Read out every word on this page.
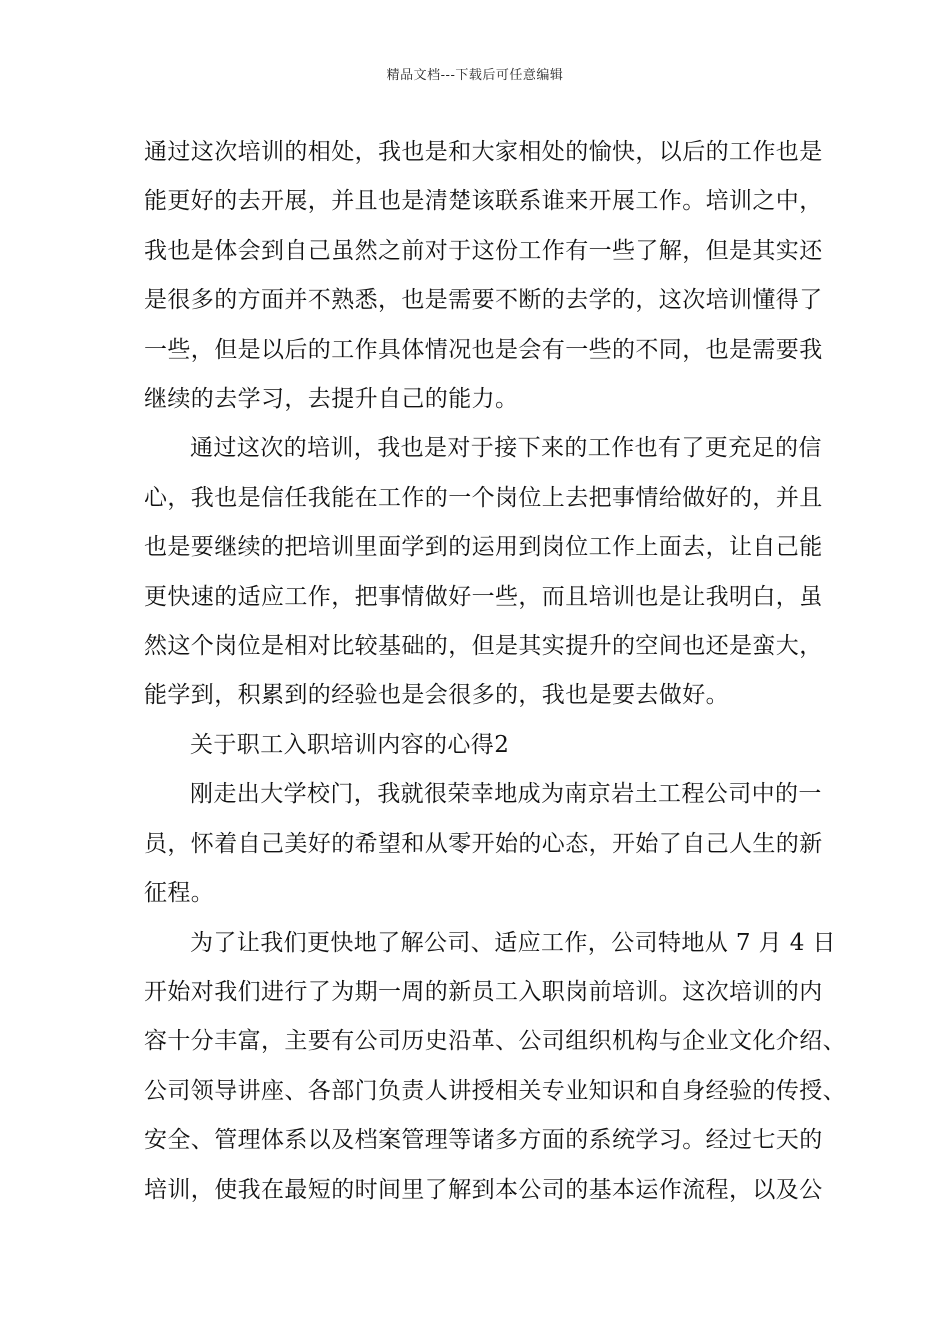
精品文档---下载后可任意编辑

通过这次培训的相处，我也是和大家相处的愉快，以后的工作也是
能更好的去开展，并且也是清楚该联系谁来开展工作。培训之中，
我也是体会到自己虽然之前对于这份工作有一些了解，但是其实还
是很多的方面并不熟悉，也是需要不断的去学的，这次培训懂得了
一些，但是以后的工作具体情况也是会有一些的不同，也是需要我
继续的去学习，去提升自己的能力。

通过这次的培训，我也是对于接下来的工作也有了更充足的信
心，我也是信任我能在工作的一个岗位上去把事情给做好的，并且
也是要继续的把培训里面学到的运用到岗位工作上面去，让自己能
更快速的适应工作，把事情做好一些，而且培训也是让我明白，虽
然这个岗位是相对比较基础的，但是其实提升的空间也还是蛮大，
能学到，积累到的经验也是会很多的，我也是要去做好。

关于职工入职培训内容的心得2

刚走出大学校门，我就很荣幸地成为南京岩土工程公司中的一
员，怀着自己美好的希望和从零开始的心态，开始了自己人生的新
征程。

为了让我们更快地了解公司、适应工作，公司特地从 7 月 4 日
开始对我们进行了为期一周的新员工入职岗前培训。这次培训的内
容十分丰富，主要有公司历史沿革、公司组织机构与企业文化介绍、
公司领导讲座、各部门负责人讲授相关专业知识和自身经验的传授、
安全、管理体系以及档案管理等诸多方面的系统学习。经过七天的
培训，使我在最短的时间里了解到本公司的基本运作流程，以及公
